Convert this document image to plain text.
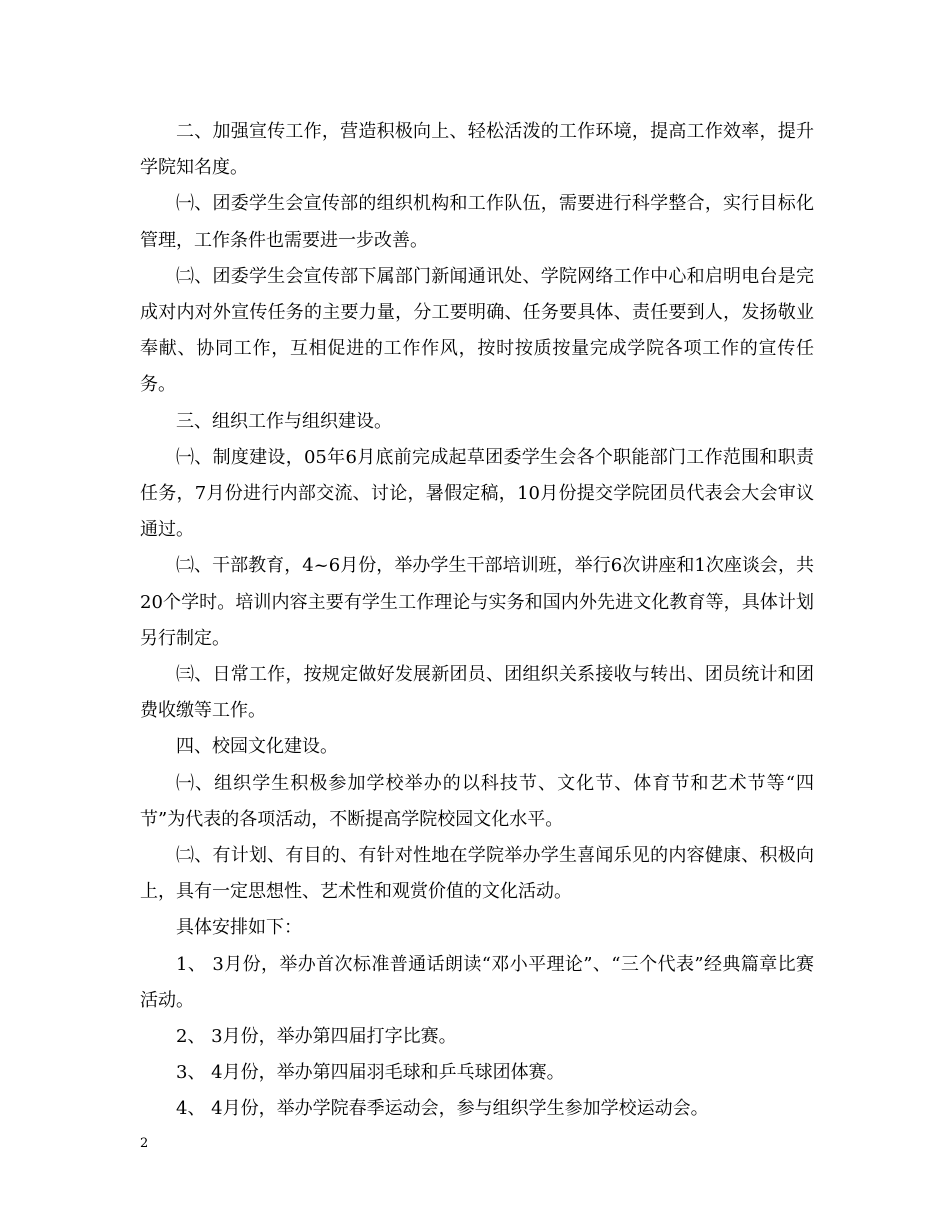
二、加强宣传工作，营造积极向上、轻松活泼的工作环境，提高工作效率，提升学院知名度。

㈠、团委学生会宣传部的组织机构和工作队伍，需要进行科学整合，实行目标化管理，工作条件也需要进一步改善。

㈡、团委学生会宣传部下属部门新闻通讯处、学院网络工作中心和启明电台是完成对内对外宣传任务的主要力量，分工要明确、任务要具体、责任要到人，发扬敬业奉献、协同工作，互相促进的工作作风，按时按质按量完成学院各项工作的宣传任务。

三、组织工作与组织建设。

㈠、制度建设，05年6月底前完成起草团委学生会各个职能部门工作范围和职责任务，7月份进行内部交流、讨论，暑假定稿，10月份提交学院团员代表会大会审议通过。

㈡、干部教育，4~6月份，举办学生干部培训班，举行6次讲座和1次座谈会，共20个学时。培训内容主要有学生工作理论与实务和国内外先进文化教育等，具体计划另行制定。

㈢、日常工作，按规定做好发展新团员、团组织关系接收与转出、团员统计和团费收缴等工作。

四、校园文化建设。

㈠、组织学生积极参加学校举办的以科技节、文化节、体育节和艺术节等“四节”为代表的各项活动，不断提高学院校园文化水平。

㈡、有计划、有目的、有针对性地在学院举办学生喜闻乐见的内容健康、积极向上，具有一定思想性、艺术性和观赏价值的文化活动。

具体安排如下：

1、 3月份，举办首次标准普通话朗读“邓小平理论”、“三个代表”经典篇章比赛活动。

2、 3月份，举办第四届打字比赛。

3、 4月份，举办第四届羽毛球和乒乓球团体赛。

4、 4月份，举办学院春季运动会，参与组织学生参加学校运动会。

2
